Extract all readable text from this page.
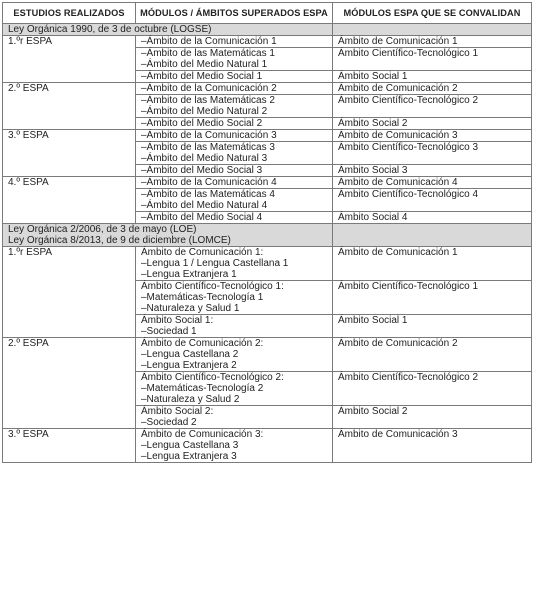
ESTUDIOS REALIZADOS	MÓDULOS / ÁMBITOS SUPERADOS ESPA	MÓDULOS ESPA QUE SE CONVALIDAN

Ley Orgánica 1990, de 3 de octubre (LOGSE)		

1.ºr ESPA	–Ámbito de la Comunicación 1	Ámbito de Comunicación 1

	–Ámbito de las Matemáticas 1
–Ámbito del Medio Natural 1	Ámbito Científico-Tecnológico 1

	–Ámbito del Medio Social 1	Ámbito Social 1

2.º ESPA	–Ámbito de la Comunicación 2	Ámbito de Comunicación 2

	–Ámbito de las Matemáticas 2
–Ámbito del Medio Natural 2	Ámbito Científico-Tecnológico 2

	–Ámbito del Medio Social 2	Ámbito Social 2

3.º ESPA	–Ámbito de la Comunicación 3	Ámbito de Comunicación 3

	–Ámbito de las Matemáticas 3
–Ámbito del Medio Natural 3	Ámbito Científico-Tecnológico 3

	–Ámbito del Medio Social 3	Ámbito Social 3

4.º ESPA	–Ámbito de la Comunicación 4	Ámbito de Comunicación 4

	–Ámbito de las Matemáticas 4
–Ámbito del Medio Natural 4	Ámbito Científico-Tecnológico 4

	–Ámbito del Medio Social 4	Ámbito Social 4

Ley Orgánica 2/2006, de 3 de mayo (LOE)
Ley Orgánica 8/2013, de 9 de diciembre (LOMCE)		

1.ºr ESPA	Ámbito de Comunicación 1:
–Lengua 1 / Lengua Castellana 1
–Lengua Extranjera 1	Ámbito de Comunicación 1

	Ámbito Científico-Tecnológico 1:
–Matemáticas-Tecnología 1
–Naturaleza y Salud 1	Ámbito Científico-Tecnológico 1

	Ámbito Social 1:
–Sociedad 1	Ámbito Social 1

2.º ESPA	Ámbito de Comunicación 2:
–Lengua Castellana 2
–Lengua Extranjera 2	Ámbito de Comunicación 2

	Ámbito Científico-Tecnológico 2:
–Matemáticas-Tecnología 2
–Naturaleza y Salud 2	Ámbito Científico-Tecnológico 2

	Ámbito Social 2:
–Sociedad 2	Ámbito Social 2

3.º ESPA	Ámbito de Comunicación 3:
–Lengua Castellana 3
–Lengua Extranjera 3	Ámbito de Comunicación 3
